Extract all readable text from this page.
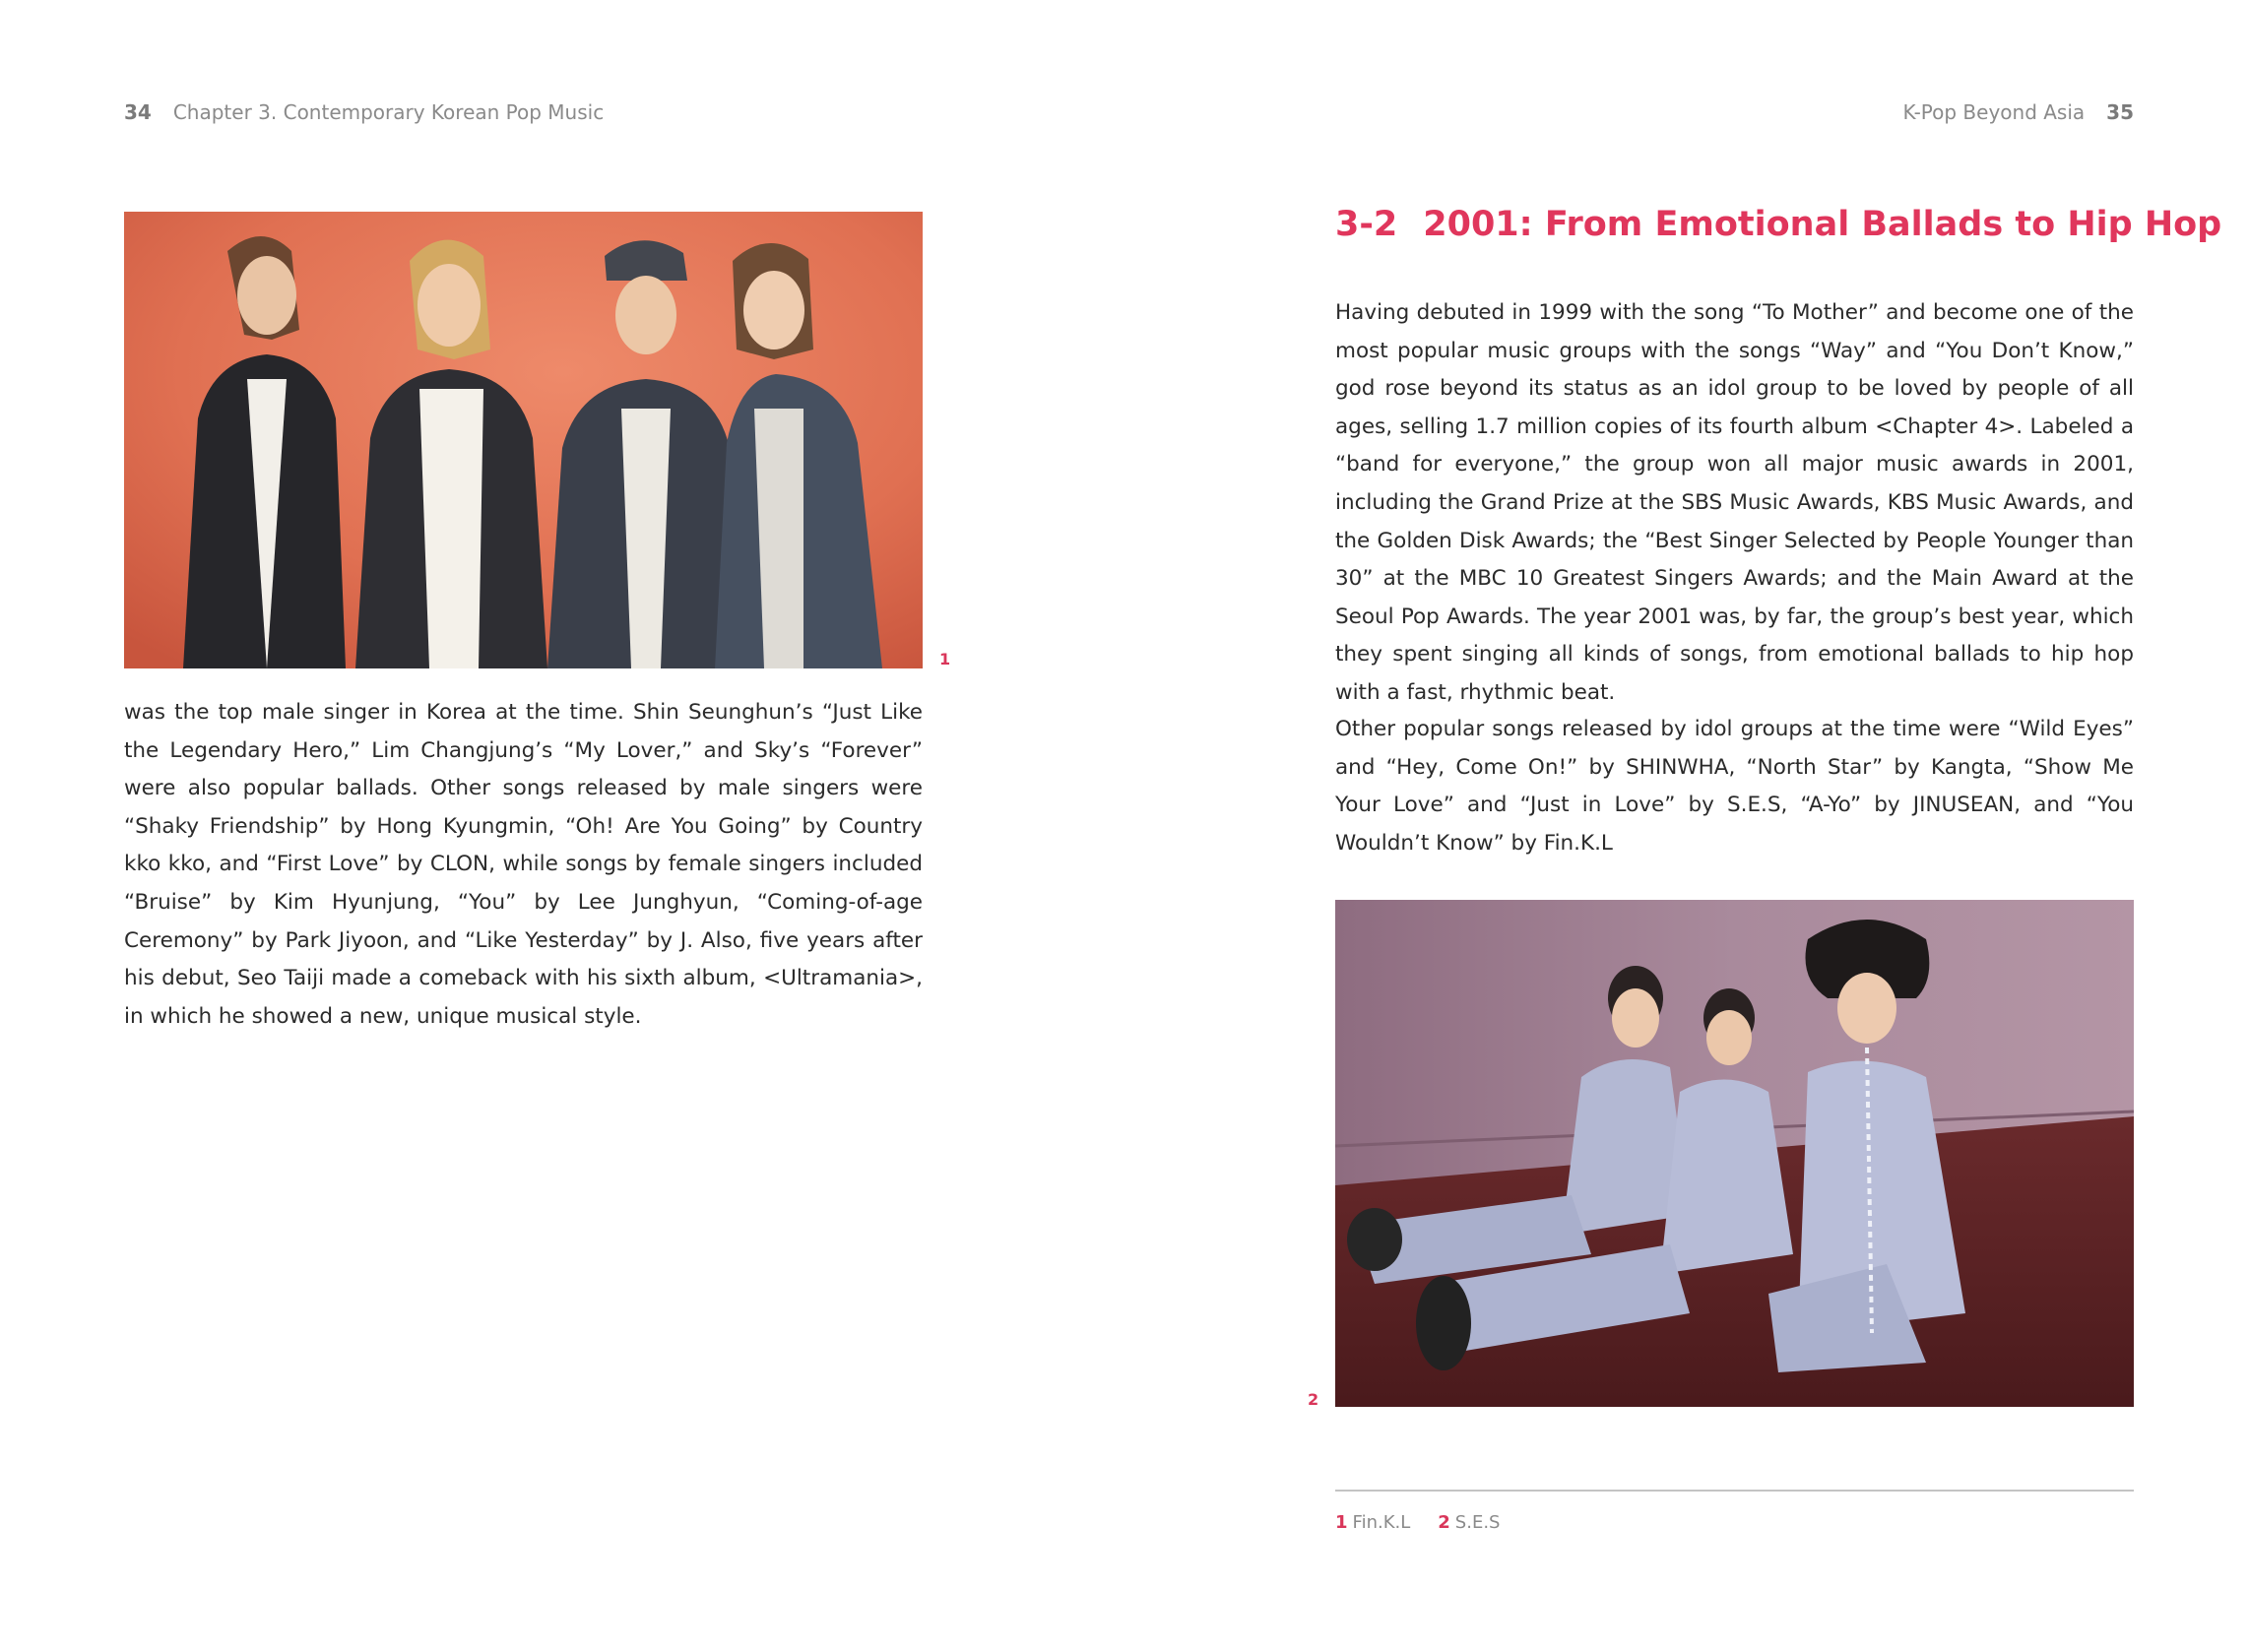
34 Chapter 3. Contemporary Korean Pop Music	K-Pop Beyond Asia 35
1
was the top male singer in Korea at the time. Shin Seunghun’s “Just Like the Legendary Hero,” Lim Changjung’s “My Lover,” and Sky’s “Forever” were also popular ballads. Other songs released by male singers were “Shaky Friendship” by Hong Kyungmin, “Oh! Are You Going” by Country kko kko, and “First Love” by CLON, while songs by female singers included “Bruise” by Kim Hyunjung, “You” by Lee Junghyun, “Coming-of-age Ceremony” by Park Jiyoon, and “Like Yesterday” by J. Also, five years after his debut, Seo Taiji made a comeback with his sixth album, <Ultramania>, in which he showed a new, unique musical style.
3-2 2001: From Emotional Ballads to Hip Hop
Having debuted in 1999 with the song “To Mother” and become one of the most popular music groups with the songs “Way” and “You Don’t Know,” god rose beyond its status as an idol group to be loved by people of all ages, selling 1.7 million copies of its fourth album <Chapter 4>. Labeled a “band for everyone,” the group won all major music awards in 2001, including the Grand Prize at the SBS Music Awards, KBS Music Awards, and the Golden Disk Awards; the “Best Singer Selected by People Younger than 30” at the MBC 10 Greatest Singers Awards; and the Main Award at the Seoul Pop Awards. The year 2001 was, by far, the group’s best year, which they spent singing all kinds of songs, from emotional ballads to hip hop with a fast, rhythmic beat.
Other popular songs released by idol groups at the time were “Wild Eyes” and “Hey, Come On!” by SHINWHA, “North Star” by Kangta, “Show Me Your Love” and “Just in Love” by S.E.S, “A-Yo” by JINUSEAN, and “You Wouldn’t Know” by Fin.K.L
2
1 Fin.K.L 2 S.E.S
